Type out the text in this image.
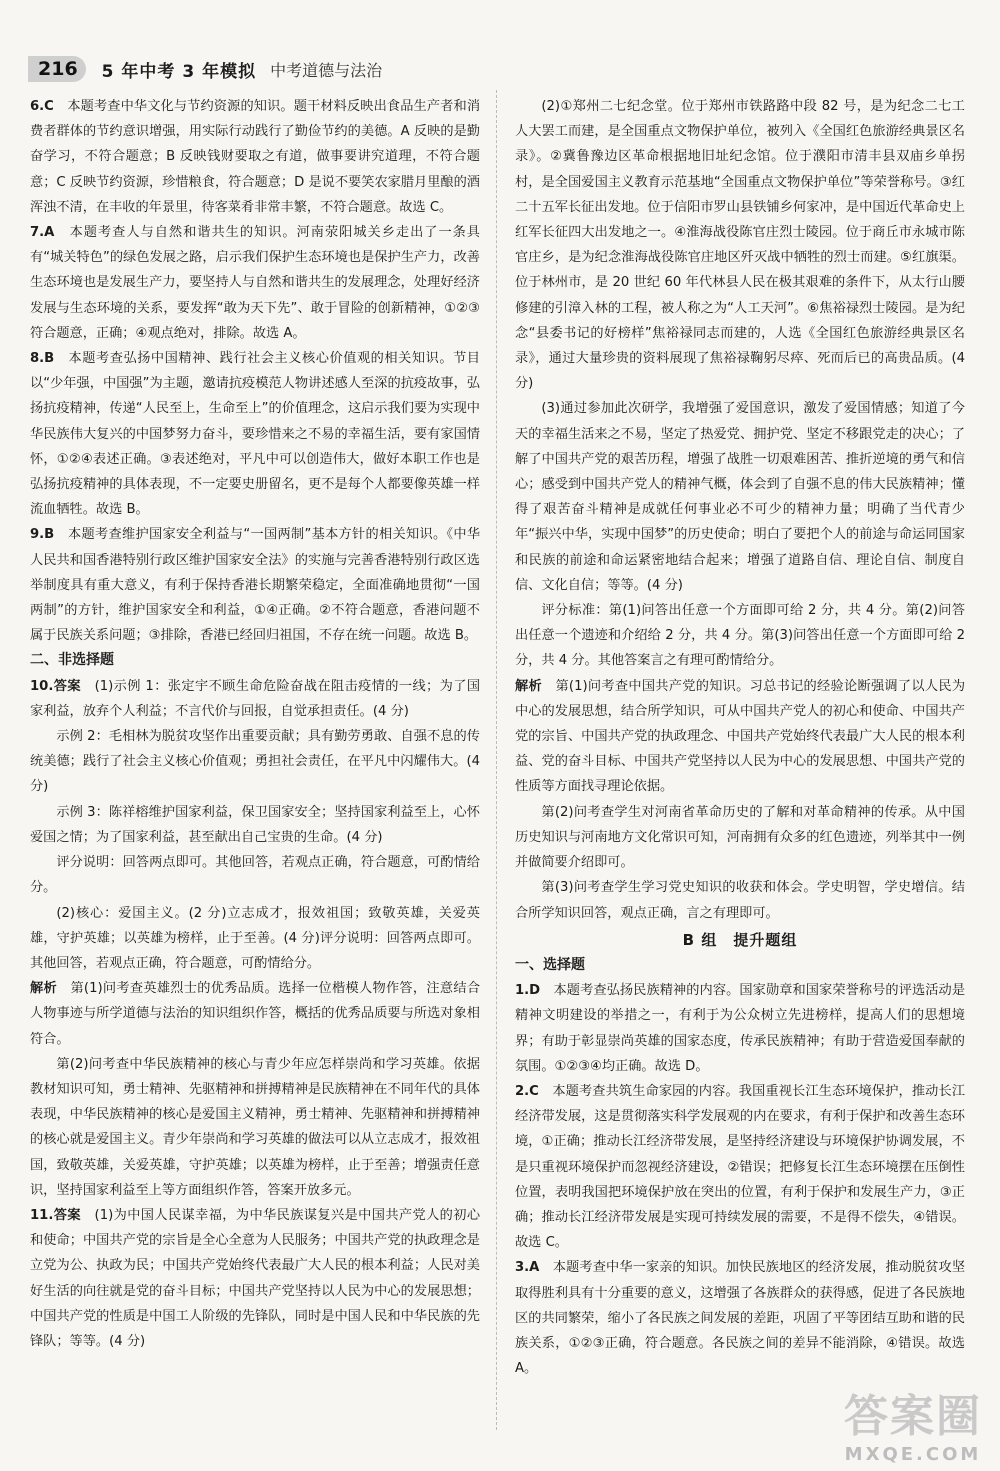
216	5 年中考 3 年模拟 中考道德与法治

6.C　 本题考查中华文化与节约资源的知识。题干材料反映出食品生产者和消费者群体的节约意识增强，用实际行动践行了勤俭节约的美德。A 反映的是勤奋学习，不符合题意；B 反映钱财要取之有道，做事要讲究道理，不符合题意；C 反映节约资源，珍惜粮食，符合题意；D 是说不要笑农家腊月里酿的酒浑浊不清，在丰收的年景里，待客菜肴非常丰繁，不符合题意。故选 C。

7.A　 本题考查人与自然和谐共生的知识。河南荥阳城关乡走出了一条具有“城关特色”的绿色发展之路，启示我们保护生态环境也是保护生产力，改善生态环境也是发展生产力，要坚持人与自然和谐共生的发展理念，处理好经济发展与生态环境的关系，要发挥“敢为天下先”、敢于冒险的创新精神，①②③符合题意，正确；④观点绝对，排除。故选 A。

8.B　 本题考查弘扬中国精神、践行社会主义核心价值观的相关知识。节目以“少年强，中国强”为主题，邀请抗疫模范人物讲述感人至深的抗疫故事，弘扬抗疫精神，传递“人民至上，生命至上”的价值理念，这启示我们要为实现中华民族伟大复兴的中国梦努力奋斗，要珍惜来之不易的幸福生活，要有家国情怀，①②④表述正确。③表述绝对，平凡中可以创造伟大，做好本职工作也是弘扬抗疫精神的具体表现，不一定要史册留名，更不是每个人都要像英雄一样流血牺牲。故选 B。

9.B　 本题考查维护国家安全利益与“一国两制”基本方针的相关知识。《中华人民共和国香港特别行政区维护国家安全法》的实施与完善香港特别行政区选举制度具有重大意义，有利于保持香港长期繁荣稳定，全面准确地贯彻“一国两制”的方针，维护国家安全和利益，①④正确。②不符合题意，香港问题不属于民族关系问题；③排除，香港已经回归祖国，不存在统一问题。故选 B。

二、非选择题

10.答案　 (1)示例 1：张定宇不顾生命危险奋战在阻击疫情的一线；为了国家利益，放弃个人利益；不言代价与回报，自觉承担责任。(4 分)

示例 2：毛相林为脱贫攻坚作出重要贡献；具有勤劳勇敢、自强不息的传统美德；践行了社会主义核心价值观；勇担社会责任，在平凡中闪耀伟大。(4 分)

示例 3：陈祥榕维护国家利益，保卫国家安全；坚持国家利益至上，心怀爱国之情；为了国家利益，甚至献出自己宝贵的生命。(4 分)

评分说明：回答两点即可。其他回答，若观点正确，符合题意，可酌情给分。

(2)核心：爱国主义。(2 分)立志成才，报效祖国；致敬英雄，关爱英雄，守护英雄；以英雄为榜样，止于至善。(4 分)评分说明：回答两点即可。其他回答，若观点正确，符合题意，可酌情给分。

解析　 第(1)问考查英雄烈士的优秀品质。选择一位楷模人物作答，注意结合人物事迹与所学道德与法治的知识组织作答，概括的优秀品质要与所选对象相符合。

第(2)问考查中华民族精神的核心与青少年应怎样崇尚和学习英雄。依据教材知识可知，勇士精神、先驱精神和拼搏精神是民族精神在不同年代的具体表现，中华民族精神的核心是爱国主义精神，勇士精神、先驱精神和拼搏精神的核心就是爱国主义。青少年崇尚和学习英雄的做法可以从立志成才，报效祖国，致敬英雄，关爱英雄，守护英雄；以英雄为榜样，止于至善；增强责任意识，坚持国家利益至上等方面组织作答，答案开放多元。

11.答案　 (1)为中国人民谋幸福，为中华民族谋复兴是中国共产党人的初心和使命；中国共产党的宗旨是全心全意为人民服务；中国共产党的执政理念是立党为公、执政为民；中国共产党始终代表最广大人民的根本利益；人民对美好生活的向往就是党的奋斗目标；中国共产党坚持以人民为中心的发展思想；中国共产党的性质是中国工人阶级的先锋队，同时是中国人民和中华民族的先锋队；等等。(4 分)

(2)①郑州二七纪念堂。位于郑州市铁路路中段 82 号，是为纪念二七工人大罢工而建，是全国重点文物保护单位，被列入《全国红色旅游经典景区名录》。②冀鲁豫边区革命根据地旧址纪念馆。位于濮阳市清丰县双庙乡单拐村，是全国爱国主义教育示范基地“全国重点文物保护单位”等荣誉称号。③红二十五军长征出发地。位于信阳市罗山县铁铺乡何家冲，是中国近代革命史上红军长征四大出发地之一。④淮海战役陈官庄烈士陵园。位于商丘市永城市陈官庄乡，是为纪念淮海战役陈官庄地区歼灭战中牺牲的烈士而建。⑤红旗渠。位于林州市，是 20 世纪 60 年代林县人民在极其艰难的条件下，从太行山腰修建的引漳入林的工程，被人称之为“人工天河”。⑥焦裕禄烈士陵园。是为纪念“县委书记的好榜样”焦裕禄同志而建的，人选《全国红色旅游经典景区名录》，通过大量珍贵的资料展现了焦裕禄鞠躬尽瘁、死而后已的高贵品质。(4 分)

(3)通过参加此次研学，我增强了爱国意识，激发了爱国情感；知道了今天的幸福生活来之不易，坚定了热爱党、拥护党、坚定不移跟党走的决心；了解了中国共产党的艰苦历程，增强了战胜一切艰难困苦、推折逆境的勇气和信心；感受到中国共产党人的精神气概，体会到了自强不息的伟大民族精神；懂得了艰苦奋斗精神是成就任何事业必不可少的精神力量；明确了当代青少年“振兴中华，实现中国梦”的历史使命；明白了要把个人的前途与命运同国家和民族的前途和命运紧密地结合起来；增强了道路自信、理论自信、制度自信、文化自信；等等。(4 分)

评分标准：第(1)问答出任意一个方面即可给 2 分，共 4 分。第(2)问答出任意一个遗迹和介绍给 2 分，共 4 分。第(3)问答出任意一个方面即可给 2 分，共 4 分。其他答案言之有理可酌情给分。

解析　 第(1)问考查中国共产党的知识。习总书记的经验论断强调了以人民为中心的发展思想，结合所学知识，可从中国共产党人的初心和使命、中国共产党的宗旨、中国共产党的执政理念、中国共产党始终代表最广大人民的根本利益、党的奋斗目标、中国共产党坚持以人民为中心的发展思想、中国共产党的性质等方面找寻理论依据。

第(2)问考查学生对河南省革命历史的了解和对革命精神的传承。从中国历史知识与河南地方文化常识可知，河南拥有众多的红色遗迹，列举其中一例并做简要介绍即可。

第(3)问考查学生学习党史知识的收获和体会。学史明智，学史增信。结合所学知识回答，观点正确，言之有理即可。

B 组　提升题组

一、选择题

1.D　 本题考查弘扬民族精神的内容。国家勋章和国家荣誉称号的评选活动是精神文明建设的举措之一，有利于为公众树立先进榜样，提高人们的思想境界；有助于彰显崇尚英雄的国家态度，传承民族精神；有助于营造爱国奉献的氛围。①②③④均正确。故选 D。

2.C　 本题考查共筑生命家园的内容。我国重视长江生态环境保护，推动长江经济带发展，这是贯彻落实科学发展观的内在要求，有利于保护和改善生态环境，①正确；推动长江经济带发展，是坚持经济建设与环境保护协调发展，不是只重视环境保护而忽视经济建设，②错误；把修复长江生态环境摆在压倒性位置，表明我国把环境保护放在突出的位置，有利于保护和发展生产力，③正确；推动长江经济带发展是实现可持续发展的需要，不是得不偿失，④错误。故选 C。

3.A　 本题考查中华一家亲的知识。加快民族地区的经济发展，推动脱贫攻坚取得胜利具有十分重要的意义，这增强了各族群众的获得感，促进了各民族地区的共同繁荣，缩小了各民族之间发展的差距，巩固了平等团结互助和谐的民族关系，①②③正确，符合题意。各民族之间的差异不能消除，④错误。故选 A。

答案圈
MXQE.COM
